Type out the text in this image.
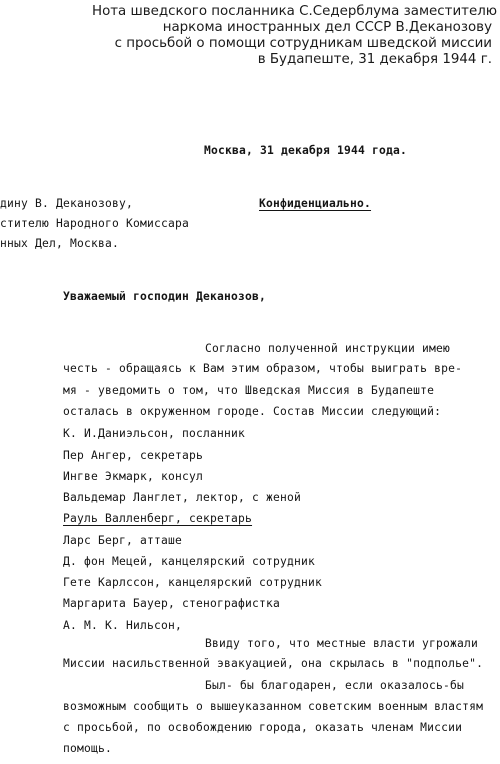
Нота шведского посланника С.Седерблума заместителю
наркома иностранных дел СССР В.Деканозову
с просьбой о помощи сотрудникам шведской миссии
в Будапеште, 31 декабря 1944 г.
Москва, 31 декабря 1944 года.
дину В. Деканозову,
стителю Народного Комиссара
нных Дел, Москва.
Конфиденциально.
Уважаемый господин Деканозов,
Согласно полученной инструкции имею
честь - обращаясь к Вам этим образом, чтобы выиграть вре-
мя - уведомить о том, что Шведская Миссия в Будапеште
осталась в окруженном городе. Состав Миссии следующий:
К. И.Даниэльсон, посланник
Пер Ангер, секретарь
Ингве Экмарк, консул
Вальдемар Ланглет, лектор, с женой
Рауль Валленберг, секретарь
Ларс Берг, атташе
Д. фон Мецей, канцелярский сотрудник
Гете Карлссон, канцелярский сотрудник
Маргарита Бауер, стенографистка
А. М. К. Нильсон,
Ввиду того, что местные власти угрожали
Миссии насильственной эвакуацией, она скрылась в "подполье".
Был- бы благодарен, если оказалось-бы
возможным сообщить о вышеуказанном советским военным властям
с просьбой, по освобождению города, оказать членам Миссии
помощь.
